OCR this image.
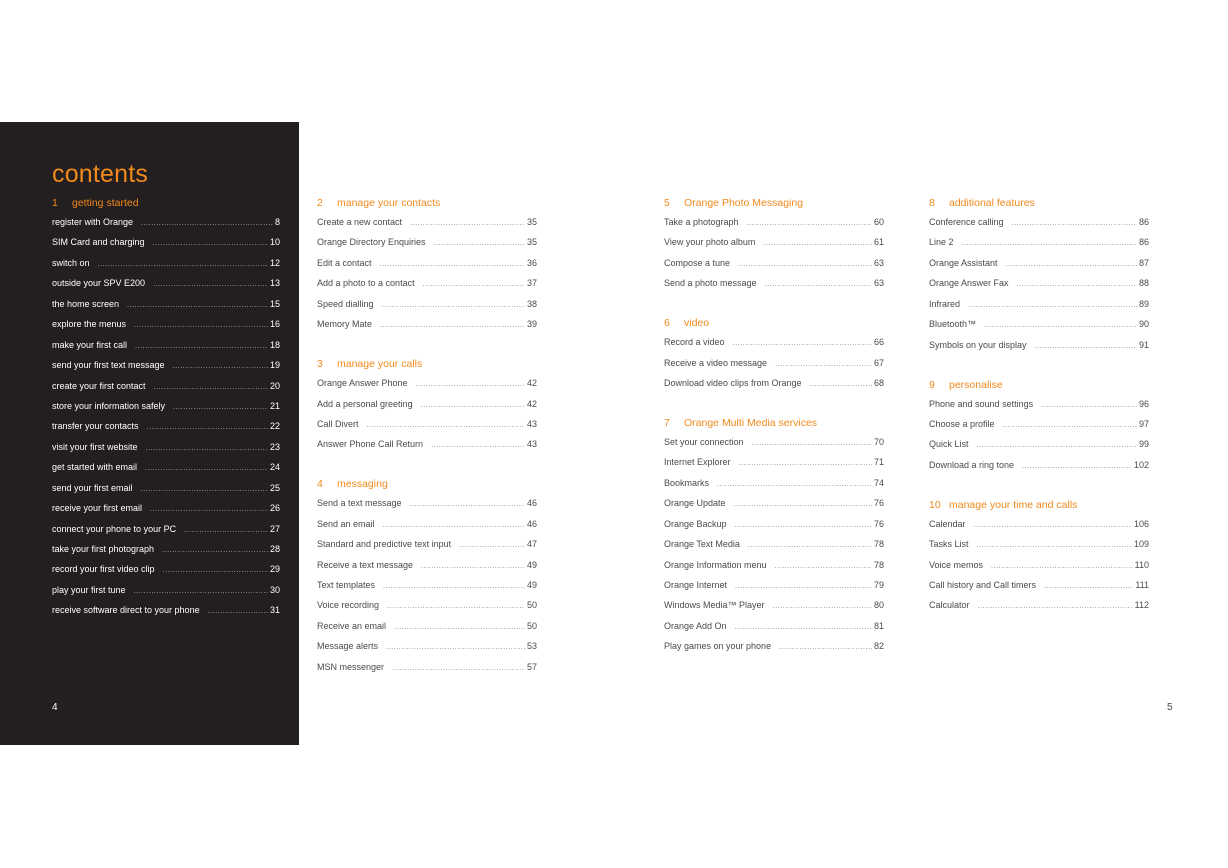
contents
1 getting started
register with Orange .....	8
SIM Card and charging .....	10
switch on .....	12
outside your SPV E200 .....	13
the home screen .....	15
explore the menus .....	16
make your first call .....	18
send your first text message .....	19
create your first contact .....	20
store your information safely .....	21
transfer your contacts .....	22
visit your first website .....	23
get started with email .....	24
send your first email .....	25
receive your first email .....	26
connect your phone to your PC .....	27
take your first photograph .....	28
record your first video clip .....	29
play your first tune .....	30
receive software direct to your phone .....	31
2 manage your contacts
Create a new contact .....	35
Orange Directory Enquiries .....	35
Edit a contact .....	36
Add a photo to a contact .....	37
Speed dialling .....	38
Memory Mate .....	39
3 manage your calls
Orange Answer Phone .....	42
Add a personal greeting .....	42
Call Divert .....	43
Answer Phone Call Return .....	43
4 messaging
Send a text message .....	46
Send an email .....	46
Standard and predictive text input .....	47
Receive a text message .....	49
Text templates .....	49
Voice recording .....	50
Receive an email .....	50
Message alerts .....	53
MSN messenger .....	57
5 Orange Photo Messaging
Take a photograph .....	60
View your photo album .....	61
Compose a tune .....	63
Send a photo message .....	63
6 video
Record a video .....	66
Receive a video message .....	67
Download video clips from Orange .....	68
7 Orange Multi Media services
Set your connection .....	70
Internet Explorer .....	71
Bookmarks .....	74
Orange Update .....	76
Orange Backup .....	76
Orange Text Media .....	78
Orange Information menu .....	78
Orange Internet .....	79
Windows Media™ Player .....	80
Orange Add On .....	81
Play games on your phone .....	82
8 additional features
Conference calling .....	86
Line 2 .....	86
Orange Assistant .....	87
Orange Answer Fax .....	88
Infrared .....	89
Bluetooth™ .....	90
Symbols on your display .....	91
9 personalise
Phone and sound settings .....	96
Choose a profile .....	97
Quick List .....	99
Download a ring tone .....	102
10 manage your time and calls
Calendar .....	106
Tasks List .....	109
Voice memos .....	110
Call history and Call timers .....	111
Calculator .....	112
4	5
